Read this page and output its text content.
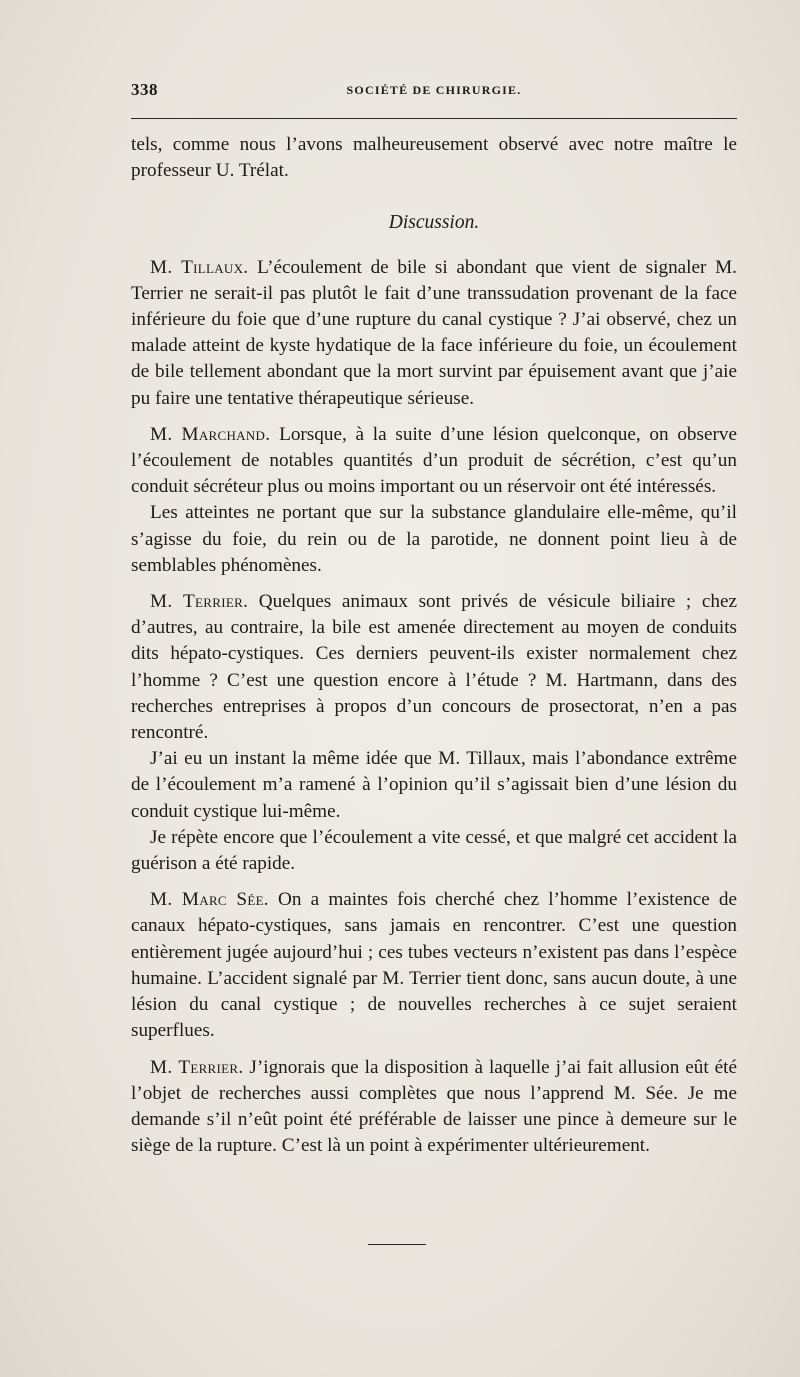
338	SOCIÉTÉ DE CHIRURGIE.

tels, comme nous l’avons malheureusement observé avec notre maître le professeur U. Trélat.

Discussion.

M. Tillaux. L’écoulement de bile si abondant que vient de signaler M. Terrier ne serait-il pas plutôt le fait d’une transsudation provenant de la face inférieure du foie que d’une rupture du canal cystique ? J’ai observé, chez un malade atteint de kyste hydatique de la face inférieure du foie, un écoulement de bile tellement abondant que la mort survint par épuisement avant que j’aie pu faire une tentative thérapeutique sérieuse.

M. Marchand. Lorsque, à la suite d’une lésion quelconque, on observe l’écoulement de notables quantités d’un produit de sécrétion, c’est qu’un conduit sécréteur plus ou moins important ou un réservoir ont été intéressés.

Les atteintes ne portant que sur la substance glandulaire elle-même, qu’il s’agisse du foie, du rein ou de la parotide, ne donnent point lieu à de semblables phénomènes.

M. Terrier. Quelques animaux sont privés de vésicule biliaire ; chez d’autres, au contraire, la bile est amenée directement au moyen de conduits dits hépato-cystiques. Ces derniers peuvent-ils exister normalement chez l’homme ? C’est une question encore à l’étude ? M. Hartmann, dans des recherches entreprises à propos d’un concours de prosectorat, n’en a pas rencontré.

J’ai eu un instant la même idée que M. Tillaux, mais l’abondance extrême de l’écoulement m’a ramené à l’opinion qu’il s’agissait bien d’une lésion du conduit cystique lui-même.

Je répète encore que l’écoulement a vite cessé, et que malgré cet accident la guérison a été rapide.

M. Marc Sée. On a maintes fois cherché chez l’homme l’existence de canaux hépato-cystiques, sans jamais en rencontrer. C’est une question entièrement jugée aujourd’hui ; ces tubes vecteurs n’existent pas dans l’espèce humaine. L’accident signalé par M. Terrier tient donc, sans aucun doute, à une lésion du canal cystique ; de nouvelles recherches à ce sujet seraient superflues.

M. Terrier. J’ignorais que la disposition à laquelle j’ai fait allusion eût été l’objet de recherches aussi complètes que nous l’apprend M. Sée. Je me demande s’il n’eût point été préférable de laisser une pince à demeure sur le siège de la rupture. C’est là un point à expérimenter ultérieurement.
